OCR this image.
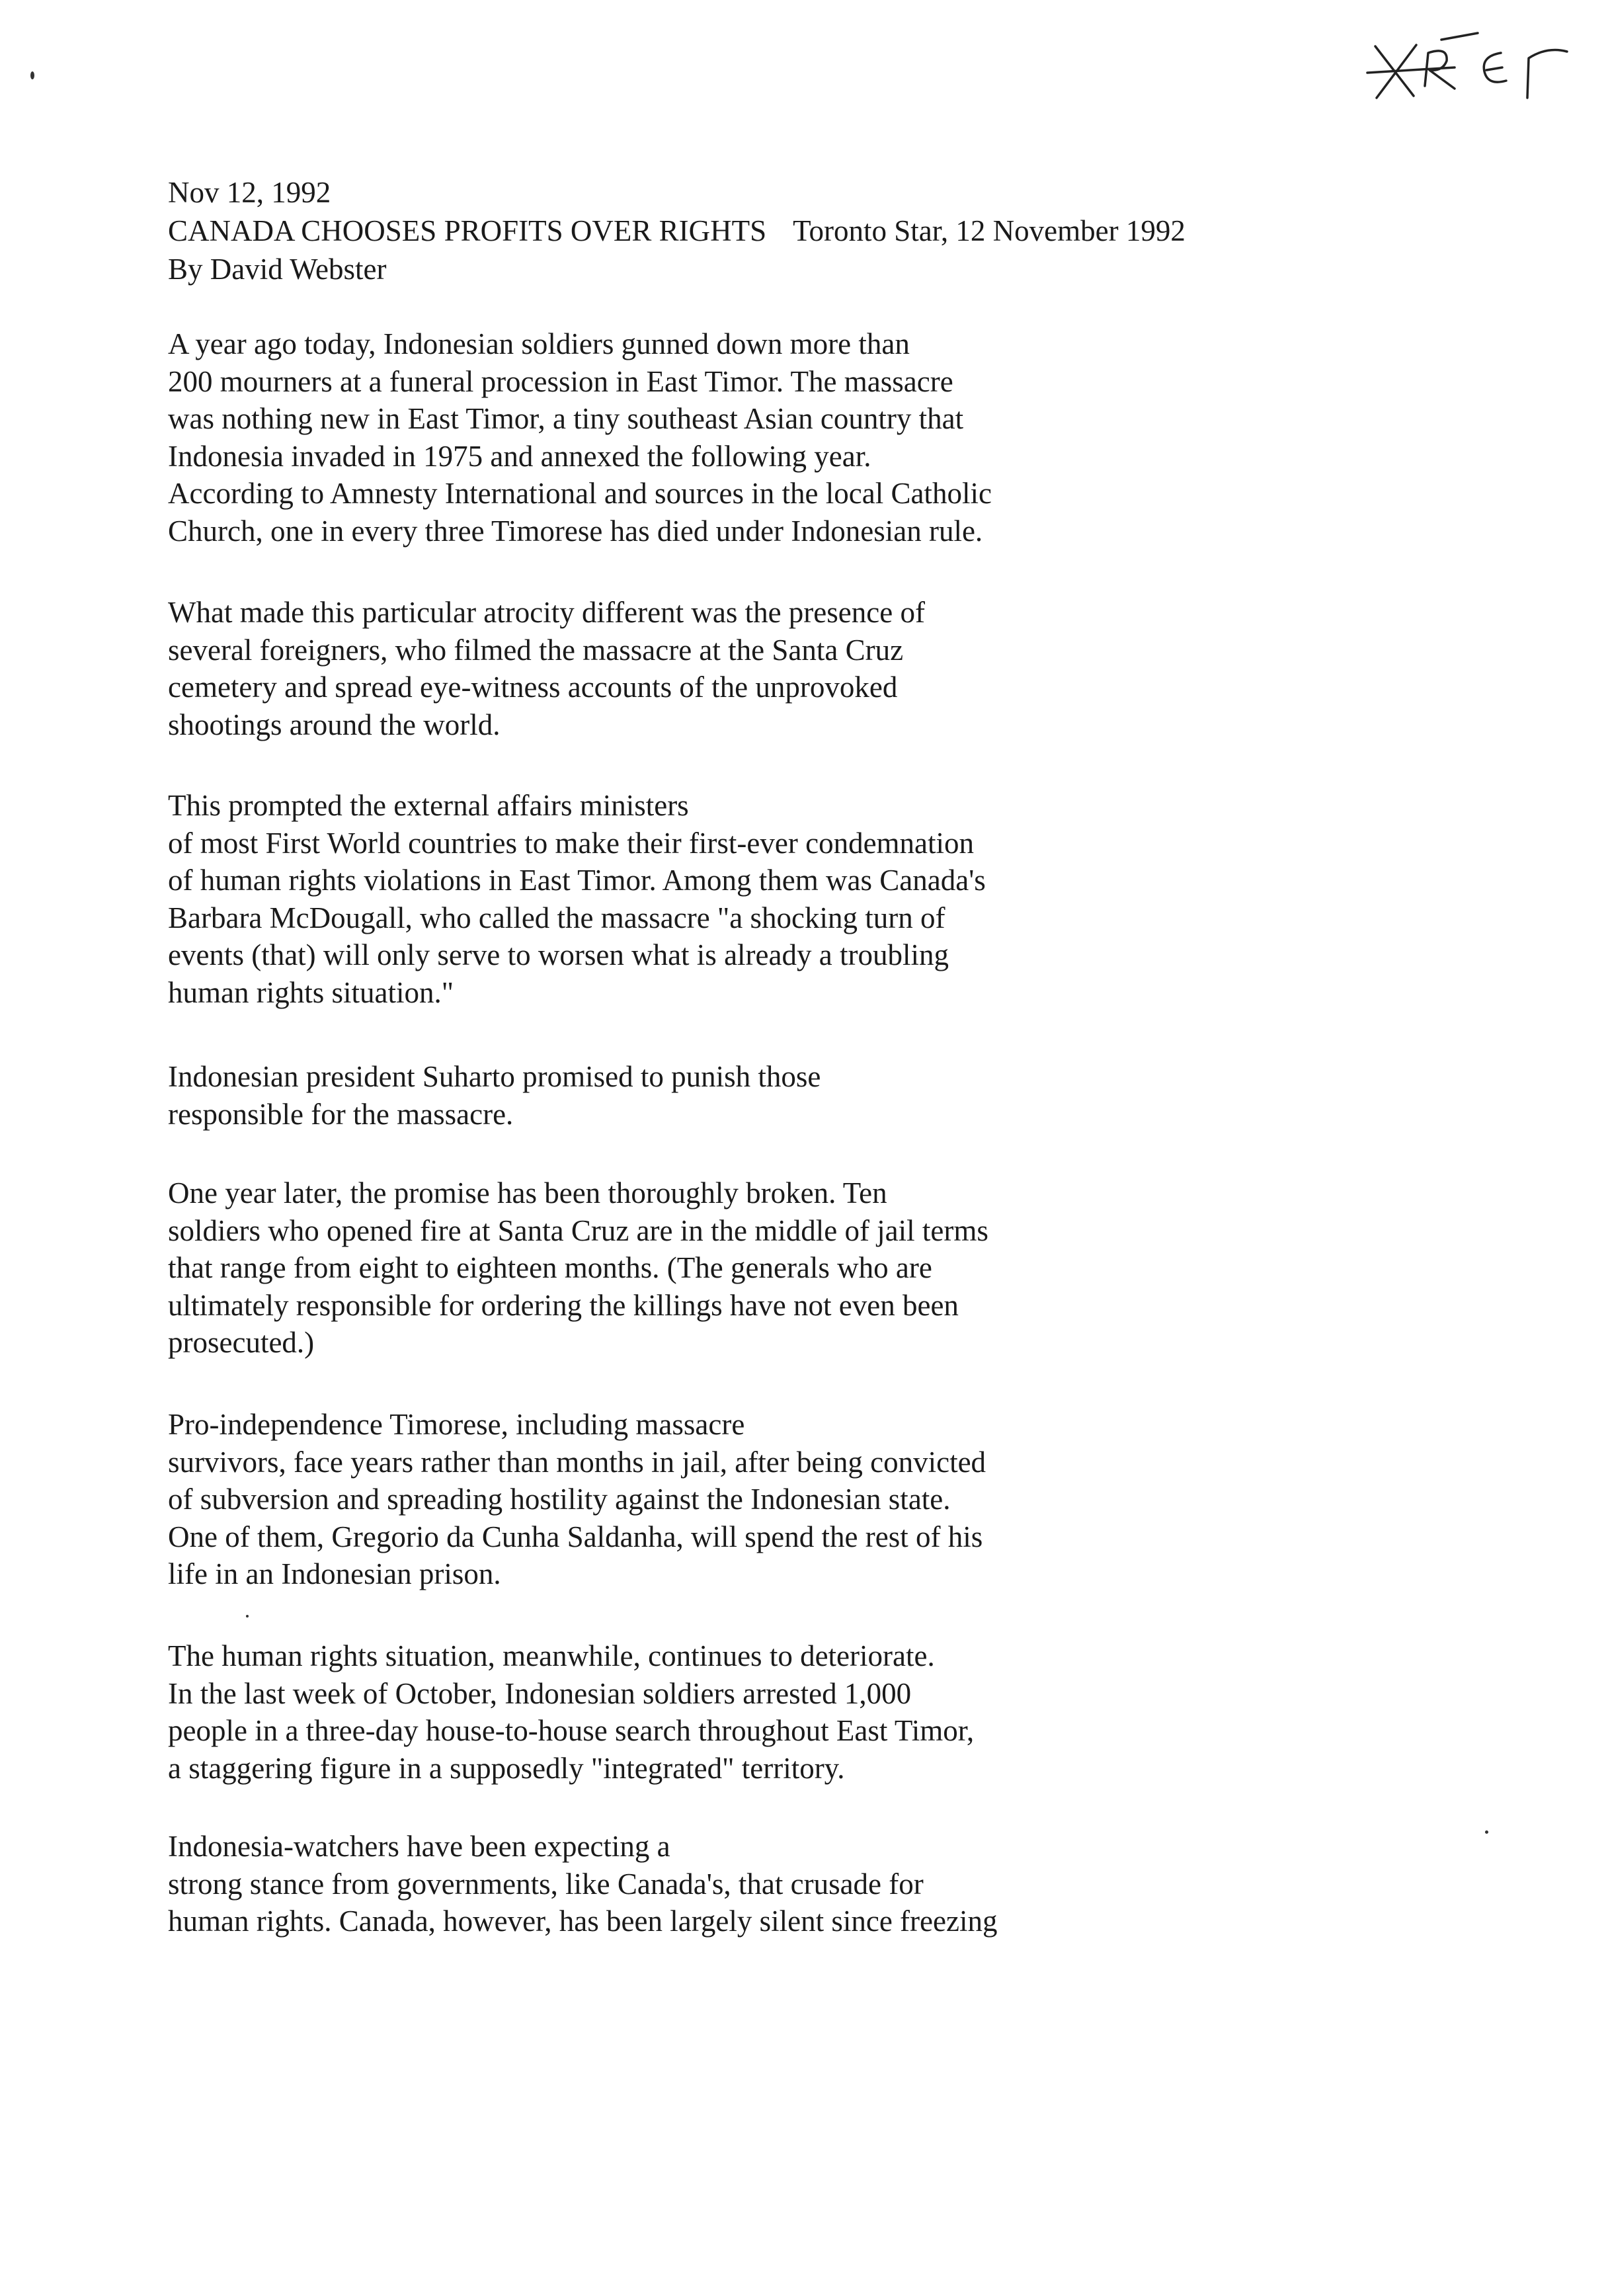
Nov 12, 1992
CANADA CHOOSES PROFITS OVER RIGHTS Toronto Star, 12 November 1992
By David Webster
A year ago today, Indonesian soldiers gunned down more than
200 mourners at a funeral procession in East Timor. The massacre
was nothing new in East Timor, a tiny southeast Asian country that
Indonesia invaded in 1975 and annexed the following year.
According to Amnesty International and sources in the local Catholic
Church, one in every three Timorese has died under Indonesian rule.
What made this particular atrocity different was the presence of
several foreigners, who filmed the massacre at the Santa Cruz
cemetery and spread eye-witness accounts of the unprovoked
shootings around the world.
This prompted the external affairs ministers
of most First World countries to make their first-ever condemnation
of human rights violations in East Timor. Among them was Canada's
Barbara McDougall, who called the massacre "a shocking turn of
events (that) will only serve to worsen what is already a troubling
human rights situation."
Indonesian president Suharto promised to punish those
responsible for the massacre.
One year later, the promise has been thoroughly broken. Ten
soldiers who opened fire at Santa Cruz are in the middle of jail terms
that range from eight to eighteen months. (The generals who are
ultimately responsible for ordering the killings have not even been
prosecuted.)
Pro-independence Timorese, including massacre
survivors, face years rather than months in jail, after being convicted
of subversion and spreading hostility against the Indonesian state.
One of them, Gregorio da Cunha Saldanha, will spend the rest of his
life in an Indonesian prison.
The human rights situation, meanwhile, continues to deteriorate.
In the last week of October, Indonesian soldiers arrested 1,000
people in a three-day house-to-house search throughout East Timor,
a staggering figure in a supposedly "integrated" territory.
Indonesia-watchers have been expecting a
strong stance from governments, like Canada's, that crusade for
human rights. Canada, however, has been largely silent since freezing
